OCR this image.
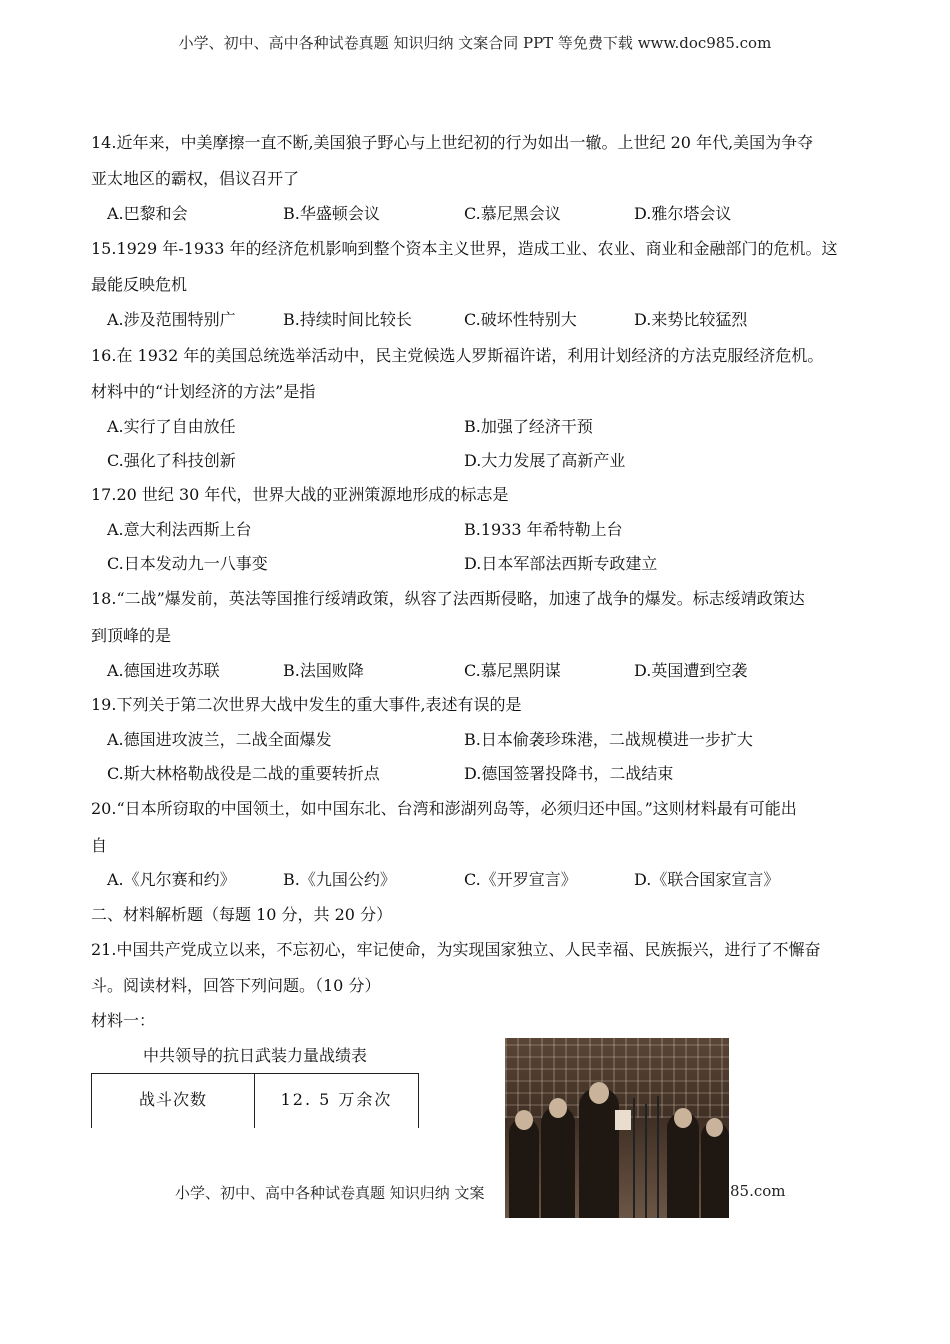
小学、初中、高中各种试卷真题 知识归纳 文案合同 PPT 等免费下载 www.doc985.com
14.近年来，中美摩擦一直不断,美国狼子野心与上世纪初的行为如出一辙。上世纪 20 年代,美国为争夺
亚太地区的霸权，倡议召开了
A.巴黎和会	B.华盛顿会议	C.慕尼黑会议	D.雅尔塔会议
15.1929 年-1933 年的经济危机影响到整个资本主义世界，造成工业、农业、商业和金融部门的危机。这
最能反映危机
A.涉及范围特别广	B.持续时间比较长	C.破坏性特别大	D.来势比较猛烈
16.在 1932 年的美国总统选举活动中，民主党候选人罗斯福许诺，利用计划经济的方法克服经济危机。
材料中的“计划经济的方法”是指
A.实行了自由放任	B.加强了经济干预
C.强化了科技创新	D.大力发展了高新产业
17.20 世纪 30 年代，世界大战的亚洲策源地形成的标志是
A.意大利法西斯上台	B.1933 年希特勒上台
C.日本发动九一八事变	D.日本军部法西斯专政建立
18.“二战”爆发前，英法等国推行绥靖政策，纵容了法西斯侵略，加速了战争的爆发。标志绥靖政策达
到顶峰的是
A.德国进攻苏联	B.法国败降	C.慕尼黑阴谋	D.英国遭到空袭
19.下列关于第二次世界大战中发生的重大事件,表述有误的是
A.德国进攻波兰，二战全面爆发	B.日本偷袭珍珠港，二战规模进一步扩大
C.斯大林格勒战役是二战的重要转折点	D.德国签署投降书，二战结束
20.“日本所窃取的中国领土，如中国东北、台湾和澎湖列岛等，必须归还中国。”这则材料最有可能出
自
A.《凡尔赛和约》	B.《九国公约》	C.《开罗宣言》	D.《联合国家宣言》
二、材料解析题（每题 10 分，共 20 分）
21.中国共产党成立以来，不忘初心，牢记使命，为实现国家独立、人民幸福、民族振兴，进行了不懈奋
斗。阅读材料，回答下列问题。（10 分）
材料一：
中共领导的抗日武装力量战绩表
战斗次数	12. 5 万余次
小学、初中、高中各种试卷真题 知识归纳 文案	85.com
